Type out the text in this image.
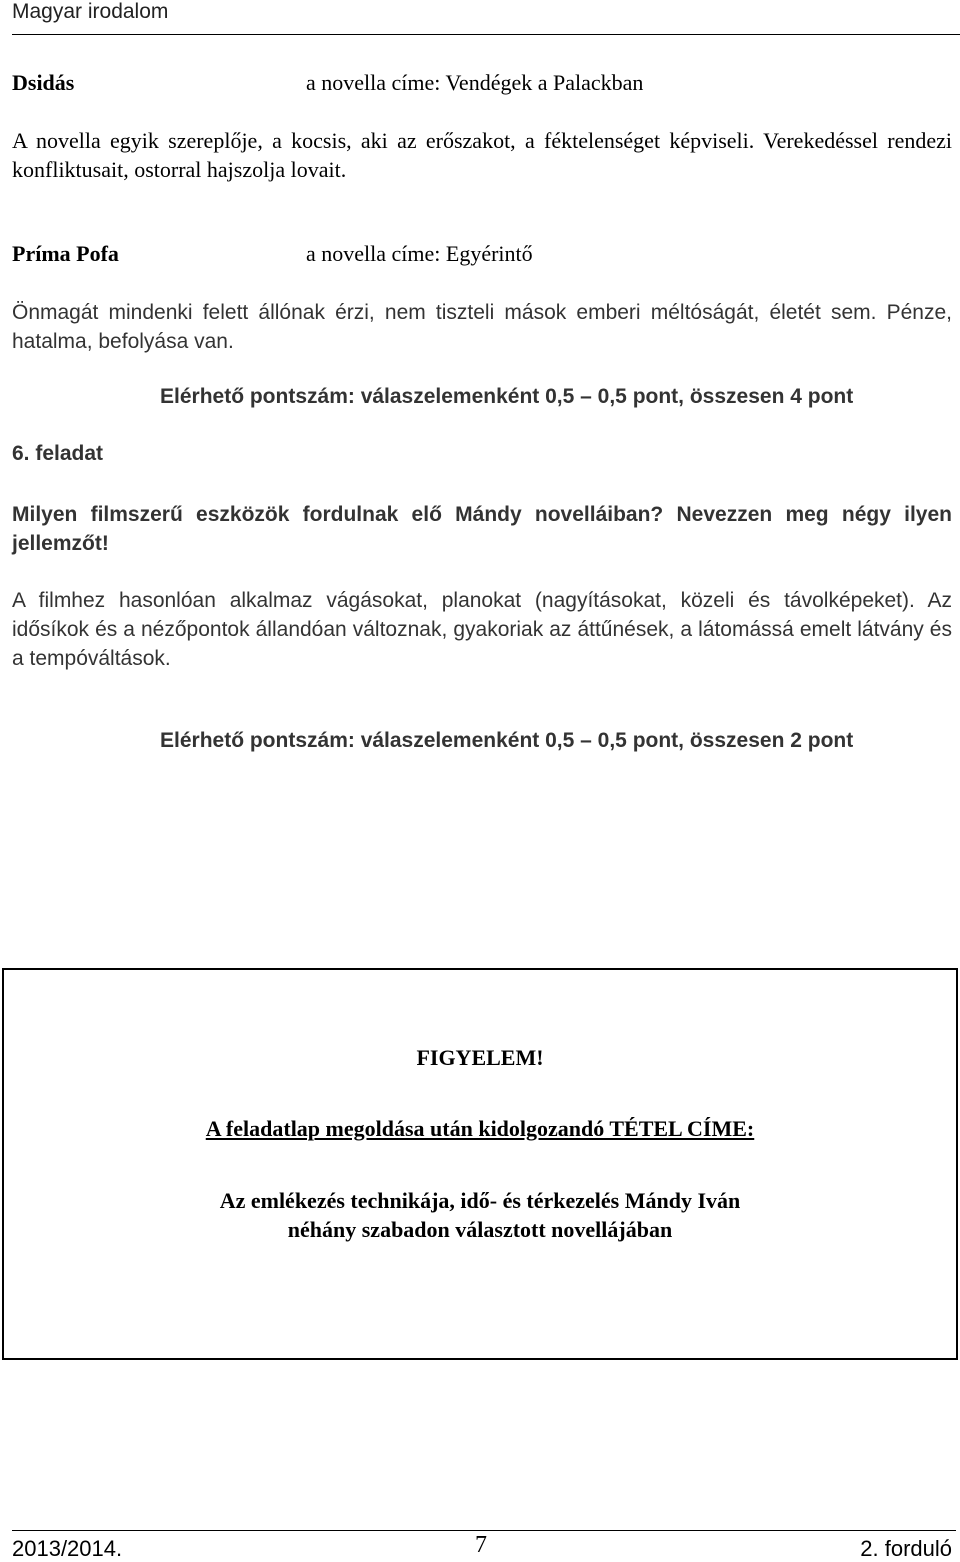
Magyar irodalom
Dsidás	a novella címe: Vendégek a Palackban
A novella egyik szereplője, a kocsis, aki az erőszakot, a féktelenséget képviseli. Verekedéssel rendezi konfliktusait, ostorral hajszolja lovait.
Príma Pofa	a novella címe: Egyérintő
Önmagát mindenki felett állónak érzi, nem tiszteli mások emberi méltóságát, életét sem. Pénze, hatalma, befolyása van.
Elérhető pontszám: válaszelemenként 0,5 – 0,5 pont, összesen 4 pont
6. feladat
Milyen filmszerű eszközök fordulnak elő Mándy novelláiban? Nevezzen meg négy ilyen jellemzőt!
A filmhez hasonlóan alkalmaz vágásokat, planokat (nagyításokat, közeli és távolképeket). Az idősíkok és a nézőpontok állandóan változnak, gyakoriak az áttűnések, a látomássá emelt látvány és a tempóváltások.
Elérhető pontszám: válaszelemenként 0,5 – 0,5 pont, összesen 2 pont
FIGYELEM!
A feladatlap megoldása után kidolgozandó TÉTEL CÍME:
Az emlékezés technikája, idő- és térkezelés Mándy Iván
néhány szabadon választott novellájában
2013/2014.	7	2. forduló
